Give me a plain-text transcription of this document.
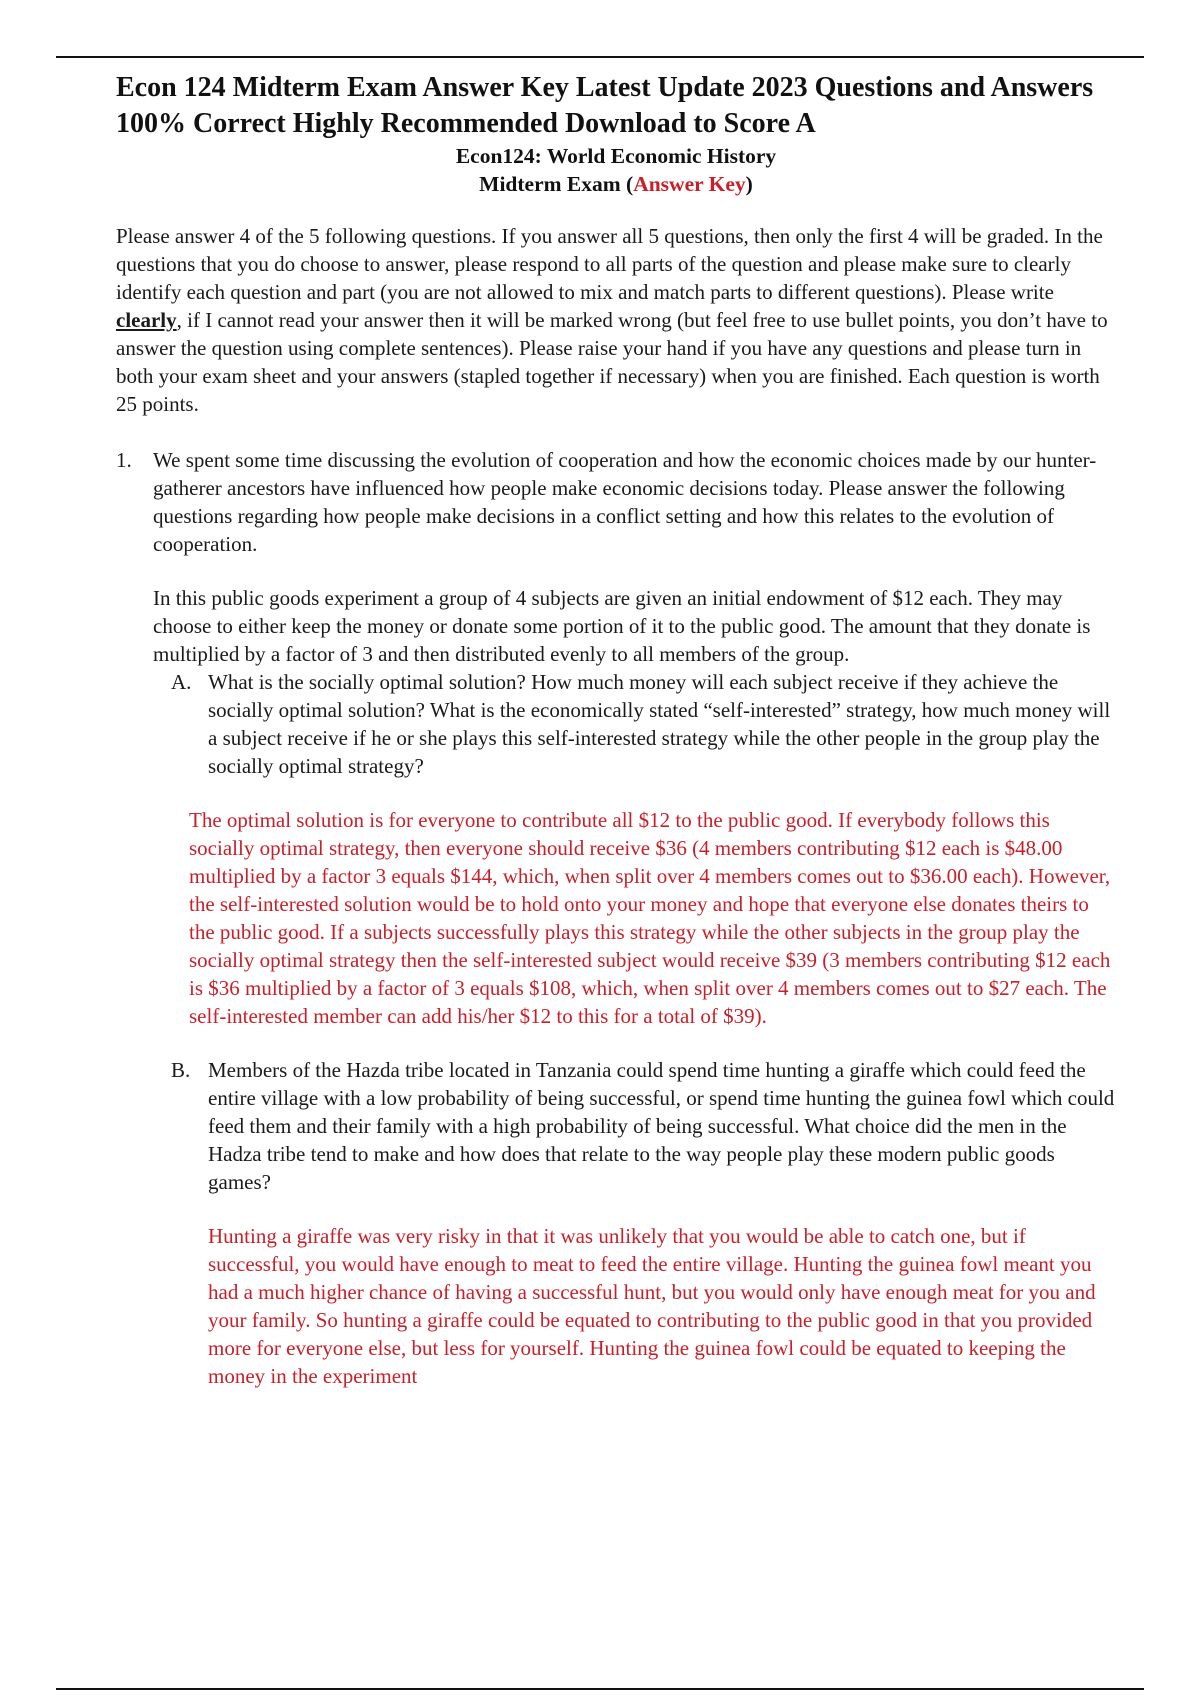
Econ 124 Midterm Exam Answer Key Latest Update 2023 Questions and Answers 100% Correct Highly Recommended Download to Score A

Econ124: World Economic History

Midterm Exam (Answer Key)

Please answer 4 of the 5 following questions. If you answer all 5 questions, then only the first 4 will be graded. In the questions that you do choose to answer, please respond to all parts of the question and please make sure to clearly identify each question and part (you are not allowed to mix and match parts to different questions). Please write clearly, if I cannot read your answer then it will be marked wrong (but feel free to use bullet points, you don’t have to answer the question using complete sentences). Please raise your hand if you have any questions and please turn in both your exam sheet and your answers (stapled together if necessary) when you are finished. Each question is worth 25 points.

1. We spent some time discussing the evolution of cooperation and how the economic choices made by our hunter-gatherer ancestors have influenced how people make economic decisions today. Please answer the following questions regarding how people make decisions in a conflict setting and how this relates to the evolution of cooperation.

In this public goods experiment a group of 4 subjects are given an initial endowment of $12 each. They may choose to either keep the money or donate some portion of it to the public good. The amount that they donate is multiplied by a factor of 3 and then distributed evenly to all members of the group.

A. What is the socially optimal solution? How much money will each subject receive if they achieve the socially optimal solution? What is the economically stated “self-interested” strategy, how much money will a subject receive if he or she plays this self-interested strategy while the other people in the group play the socially optimal strategy?

The optimal solution is for everyone to contribute all $12 to the public good. If everybody follows this socially optimal strategy, then everyone should receive $36 (4 members contributing $12 each is $48.00 multiplied by a factor 3 equals $144, which, when split over 4 members comes out to $36.00 each). However, the self-interested solution would be to hold onto your money and hope that everyone else donates theirs to the public good. If a subjects successfully plays this strategy while the other subjects in the group play the socially optimal strategy then the self-interested subject would receive $39 (3 members contributing $12 each is $36 multiplied by a factor of 3 equals $108, which, when split over 4 members comes out to $27 each. The self-interested member can add his/her $12 to this for a total of $39).

B. Members of the Hazda tribe located in Tanzania could spend time hunting a giraffe which could feed the entire village with a low probability of being successful, or spend time hunting the guinea fowl which could feed them and their family with a high probability of being successful. What choice did the men in the Hadza tribe tend to make and how does that relate to the way people play these modern public goods games?

Hunting a giraffe was very risky in that it was unlikely that you would be able to catch one, but if successful, you would have enough to meat to feed the entire village. Hunting the guinea fowl meant you had a much higher chance of having a successful hunt, but you would only have enough meat for you and your family. So hunting a giraffe could be equated to contributing to the public good in that you provided more for everyone else, but less for yourself. Hunting the guinea fowl could be equated to keeping the money in the experiment
